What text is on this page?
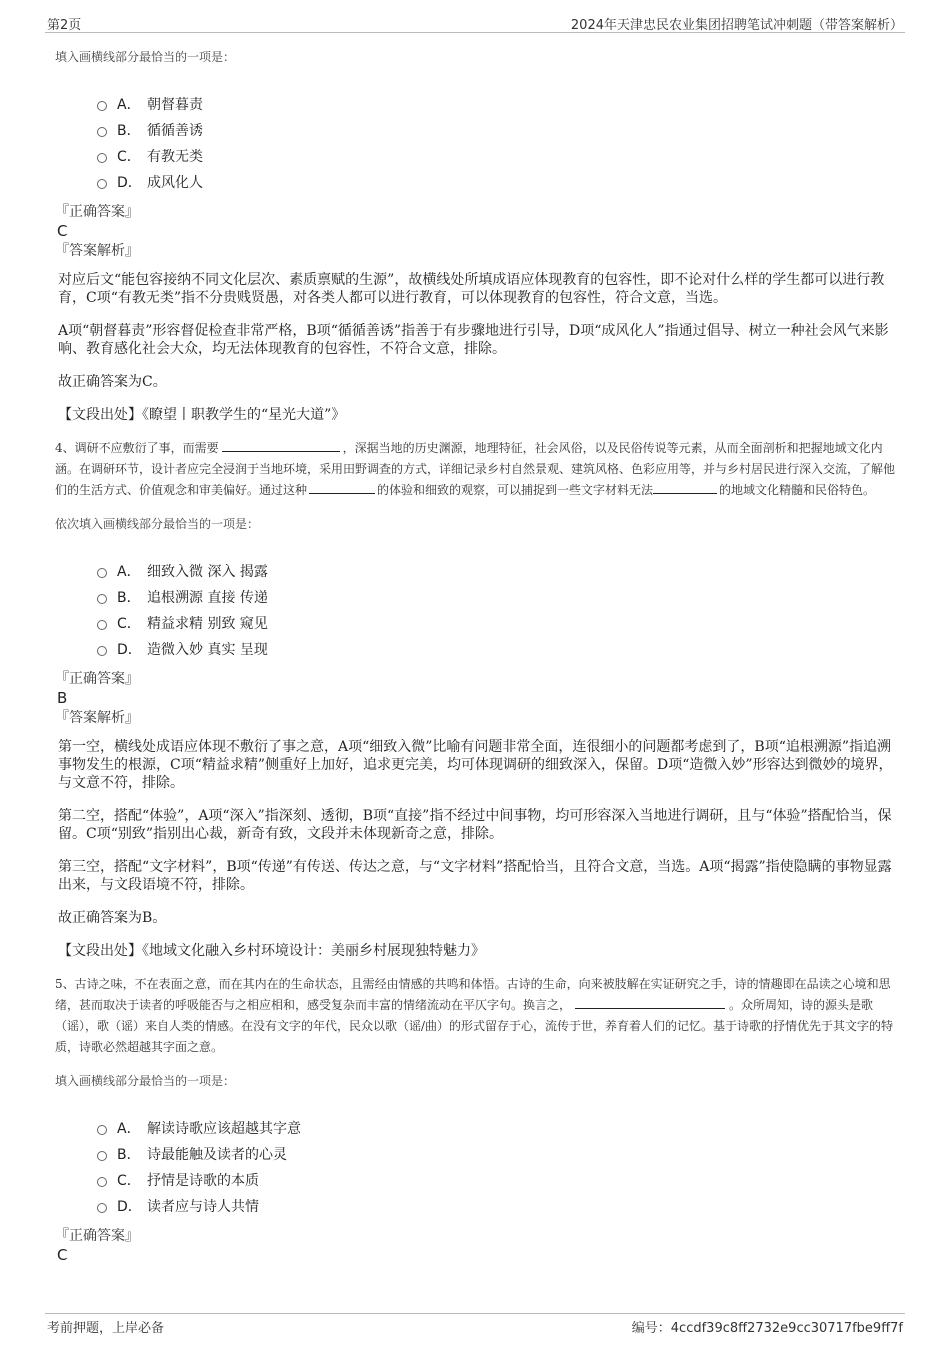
第2页	2024年天津忠民农业集团招聘笔试冲刺题（带答案解析）
填入画横线部分最恰当的一项是：
A． 朝督暮责
B． 循循善诱
C． 有教无类
D． 成风化人
『正确答案』
C
『答案解析』

对应后文“能包容接纳不同文化层次、素质禀赋的生源”，故横线处所填成语应体现教育的包容性，即不论对什么样的学生都可以进行教育，C项“有教无类”指不分贵贱贤愚，对各类人都可以进行教育，可以体现教育的包容性，符合文意，当选。

A项“朝督暮责”形容督促检查非常严格，B项“循循善诱”指善于有步骤地进行引导，D项“成风化人”指通过倡导、树立一种社会风气来影响、教育感化社会大众，均无法体现教育的包容性，不符合文意，排除。

故正确答案为C。

【文段出处】《瞭望丨职教学生的“星光大道”》

4、调研不应敷衍了事，而需要	，深据当地的历史渊源，地理特征，社会风俗，以及民俗传说等元素，从而全面剖析和把握地域文化内涵。在调研环节，设计者应完全浸润于当地环境，采用田野调查的方式，详细记录乡村自然景观、建筑风格、色彩应用等，并与乡村居民进行深入交流，了解他们的生活方式、价值观念和审美偏好。通过这种	的体验和细致的观察，可以捕捉到一些文字材料无法	的地域文化精髓和民俗特色。

依次填入画横线部分最恰当的一项是：
A． 细致入微 深入 揭露
B． 追根溯源 直接 传递
C． 精益求精 别致 窥见
D． 造微入妙 真实 呈现
『正确答案』
B
『答案解析』

第一空，横线处成语应体现不敷衍了事之意，A项“细致入微”比喻有问题非常全面，连很细小的问题都考虑到了，B项“追根溯源”指追溯事物发生的根源，C项“精益求精”侧重好上加好，追求更完美，均可体现调研的细致深入，保留。D项“造微入妙”形容达到微妙的境界，与文意不符，排除。

第二空，搭配“体验”，A项“深入”指深刻、透彻，B项“直接”指不经过中间事物，均可形容深入当地进行调研，且与“体验”搭配恰当，保留。C项“别致”指别出心裁，新奇有致，文段并未体现新奇之意，排除。

第三空，搭配“文字材料”，B项“传递”有传送、传达之意，与“文字材料”搭配恰当，且符合文意，当选。A项“揭露”指使隐瞒的事物显露出来，与文段语境不符，排除。

故正确答案为B。

【文段出处】《地域文化融入乡村环境设计：美丽乡村展现独特魅力》

5、古诗之味，不在表面之意，而在其内在的生命状态，且需经由情感的共鸣和体悟。古诗的生命，向来被肢解在实证研究之手，诗的情趣即在品读之心境和思绪，甚而取决于读者的呼吸能否与之相应相和，感受复杂而丰富的情绪流动在平仄字句。换言之，	。众所周知，诗的源头是歌（谣），歌（谣）来自人类的情感。在没有文字的年代，民众以歌（谣/曲）的形式留存于心，流传于世，养育着人们的记忆。基于诗歌的抒情优先于其文字的特质，诗歌必然超越其字面之意。

填入画横线部分最恰当的一项是：
A． 解读诗歌应该超越其字意
B． 诗最能触及读者的心灵
C． 抒情是诗歌的本质
D． 读者应与诗人共情
『正确答案』
C
考前押题，上岸必备	编号：4ccdf39c8ff2732e9cc30717fbe9ff7f
